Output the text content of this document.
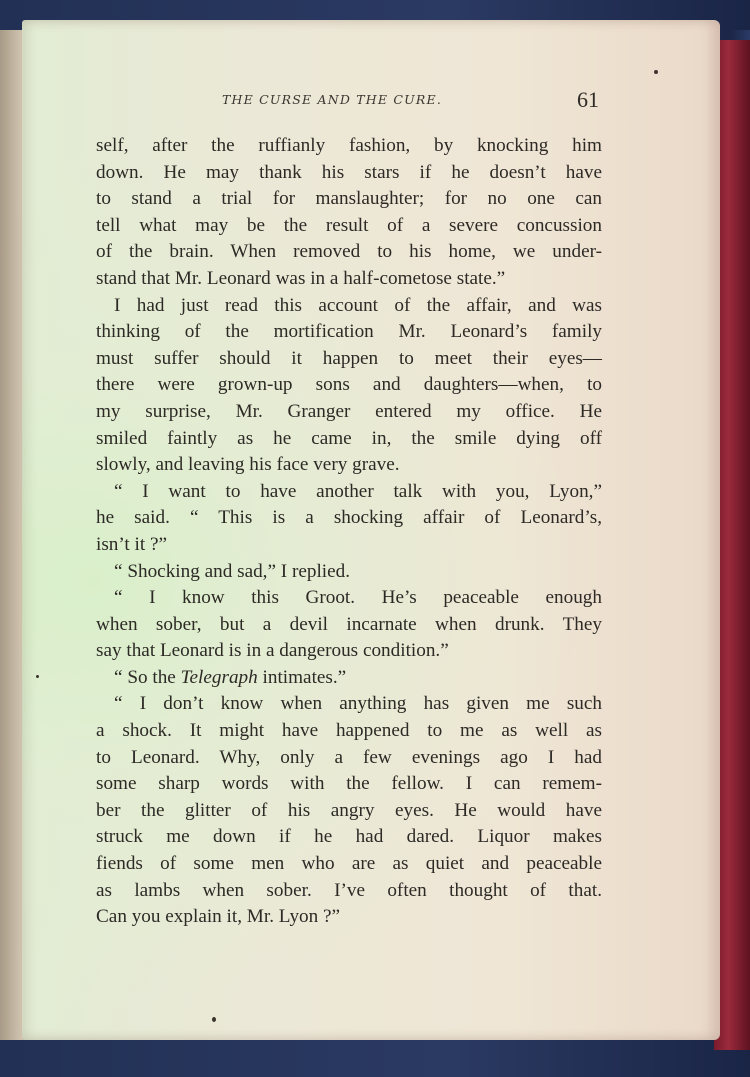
THE CURSE AND THE CURE.	61
self, after the ruffianly fashion, by knocking him
down. He may thank his stars if he doesn’t have
to stand a trial for manslaughter; for no one can
tell what may be the result of a severe concussion
of the brain. When removed to his home, we under-
stand that Mr. Leonard was in a half-cometose state.”
I had just read this account of the affair, and was
thinking of the mortification Mr. Leonard’s family
must suffer should it happen to meet their eyes—
there were grown-up sons and daughters—when, to
my surprise, Mr. Granger entered my office. He
smiled faintly as he came in, the smile dying off
slowly, and leaving his face very grave.
“ I want to have another talk with you, Lyon,”
he said. “ This is a shocking affair of Leonard’s,
isn’t it ?”
“ Shocking and sad,” I replied.
“ I know this Groot. He’s peaceable enough
when sober, but a devil incarnate when drunk. They
say that Leonard is in a dangerous condition.”
“ So the Telegraph intimates.”
“ I don’t know when anything has given me such
a shock. It might have happened to me as well as
to Leonard. Why, only a few evenings ago I had
some sharp words with the fellow. I can remem-
ber the glitter of his angry eyes. He would have
struck me down if he had dared. Liquor makes
fiends of some men who are as quiet and peaceable
as lambs when sober. I’ve often thought of that.
Can you explain it, Mr. Lyon ?”
